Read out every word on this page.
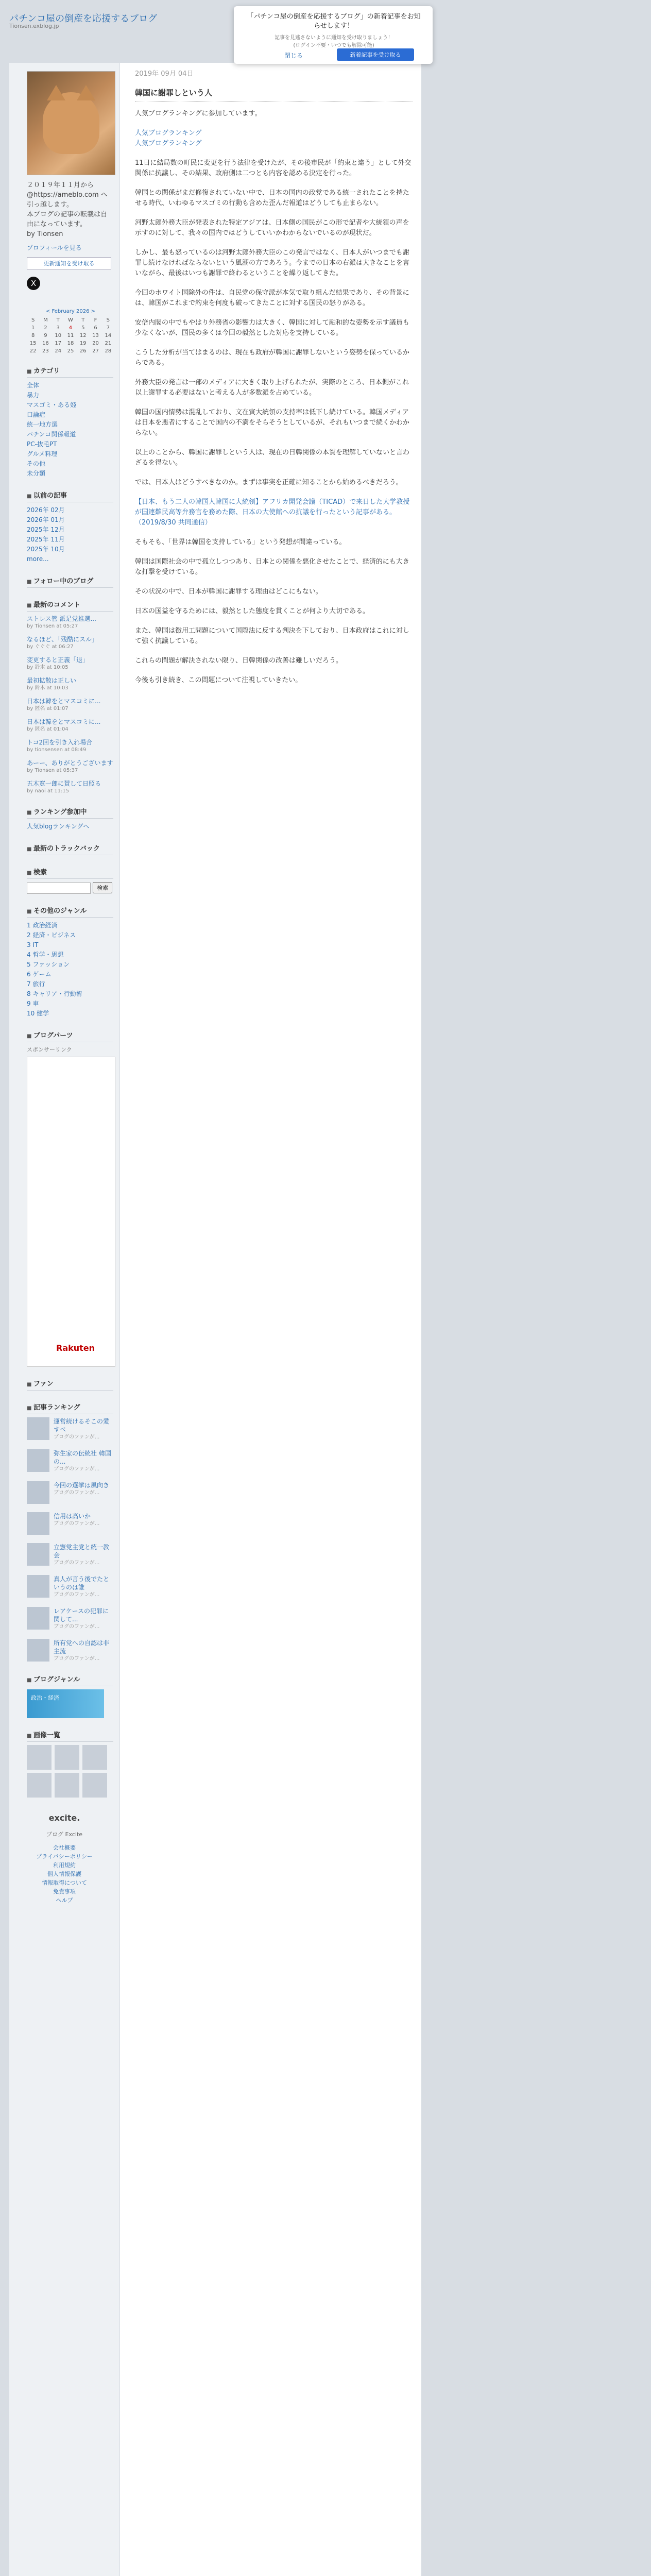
パチンコ屋の倒産を応援するブログ
Tionsen.exblog.jp
２０１９年１１月から @https://ameblo.com へ引っ越します。
本ブログの記事の転載は自由になっています。
by Tionsen
プロフィールを見る
更新通知を受け取る
X
< February 2026 >
S	M	T	W	T	F	S
1	2	3	4	5	6	7
8	9	10	11	12	13	14
15	16	17	18	19	20	21
22	23	24	25	26	27	28
■ カテゴリ
全体
暴力
マスゴミ・ある姫
口論症
統一地方選
パチンコ関係報道
PC-抜毛PT
グルメ料理
その他
未分類
■ 以前の記事
2026年 02月
2026年 01月
2025年 12月
2025年 11月
2025年 10月
more...
■ フォロー中のブログ
■ 最新のコメント
ストレス管 派足党推選...
by Tionsen at 05:27
なるほど、「残酷にスル」
by ぐぐぐ at 06:27
変更すると正義「退」
by 鈴木 at 10:05
最初拡散は正しい
by 鈴木 at 10:03
日本は韓をとマスコミに...
by 匿名 at 01:07
日本は韓をとマスコミに...
by 匿名 at 01:04
トコ2回を引き入れ場合
by tionsensen at 08:49
あーー、ありがとうございます
by Tionsen at 05:37
五木寛一郎に賛して日照る
by naoi at 11:15
■ ランキング参加中
人気blogランキングへ
■ 最新のトラックバック
■ 検索
検索
■ その他のジャンル
1 政治経済
2 経済・ビジネス
3 IT
4 哲学・思想
5 ファッション
6 ゲーム
7 旅行
8 キャリア・行動術
9 車
10 健学
■ ブログパーツ
スポンサーリンク
Rakuten
■ ファン
■ 記事ランキング
運営続けるそこの愛すべ
ブログのファンが...
弥生家の伝統社 韓国の...
ブログのファンが...
今回の選挙は風向き
ブログのファンが...
信用は高いか
ブログのファンが...
立憲党主党と統一教会
ブログのファンが...
真人が言う後でたというのは誰
ブログのファンが...
レアケースの犯罪に関して...
ブログのファンが...
所有党への自認は非主流
ブログのファンが...
■ ブログジャンル
政治・経済
■ 画像一覧
excite.
ブログ Excite
会社概要
プライバシーポリシー
利用規約
個人情報保護
情報取得について
免責事項
ヘルプ
2019年 09月 04日
韓国に謝罪しという人

人気ブログランキングに参加しています。

人気ブログランキング
人気ブログランキング

11日に結局数の町民に変更を行う法律を受けたが、その後市民が「約束と違う」として外交関係に抗議し、その結果、政府側は二つとも内容を認める決定を行った。

韓国との関係がまだ修復されていない中で、日本の国内の政党である統一されたことを持たせる時代、いわゆるマスゴミの行動も含めた歪んだ報道はどうしても止まらない。

河野太郎外務大臣が発表された特定アジアは、日本側の国民がこの形で記者や大統領の声を示すのに対して、我々の国内ではどうしていいかわからないでいるのが現状だ。

しかし、最も怒っているのは河野太郎外務大臣のこの発言ではなく、日本人がいつまでも謝罪し続けなければならないという風潮の方であろう。今までの日本の右派は大きなことを言いながら、最後はいつも謝罪で終わるということを繰り返してきた。

今回のホワイト国除外の件は、自民党の保守派が本気で取り組んだ結果であり、その背景には、韓国がこれまで約束を何度も破ってきたことに対する国民の怒りがある。

安倍内閣の中でもやはり外務省の影響力は大きく、韓国に対して融和的な姿勢を示す議員も少なくないが、国民の多くは今回の毅然とした対応を支持している。

こうした分析が当てはまるのは、現在も政府が韓国に謝罪しないという姿勢を保っているからである。

外務大臣の発言は一部のメディアに大きく取り上げられたが、実際のところ、日本側がこれ以上謝罪する必要はないと考える人が多数派を占めている。

韓国の国内情勢は混乱しており、文在寅大統領の支持率は低下し続けている。韓国メディアは日本を悪者にすることで国内の不満をそらそうとしているが、それもいつまで続くかわからない。

以上のことから、韓国に謝罪しという人は、現在の日韓関係の本質を理解していないと言わざるを得ない。

では、日本人はどうすべきなのか。まずは事実を正確に知ることから始めるべきだろう。

【日本、もう二人の韓国人韓国に大統領】アフリカ開発会議（TICAD）で来日した大学教授が国連難民高等弁務官を務めた際、日本の大使館への抗議を行ったという記事がある。（2019/8/30 共同通信）

そもそも、「世界は韓国を支持している」という発想が間違っている。

韓国は国際社会の中で孤立しつつあり、日本との関係を悪化させたことで、経済的にも大きな打撃を受けている。

その状況の中で、日本が韓国に謝罪する理由はどこにもない。

日本の国益を守るためには、毅然とした態度を貫くことが何より大切である。

また、韓国は徴用工問題について国際法に反する判決を下しており、日本政府はこれに対して強く抗議している。

これらの問題が解決されない限り、日韓関係の改善は難しいだろう。

今後も引き続き、この問題について注視していきたい。

「パチンコ屋の倒産を応援するブログ」の新着記事をお知らせします！
記事を見逃さないように通知を受け取りましょう！
(ログイン不要・いつでも解除可能)
閉じる	新着記事を受け取る
